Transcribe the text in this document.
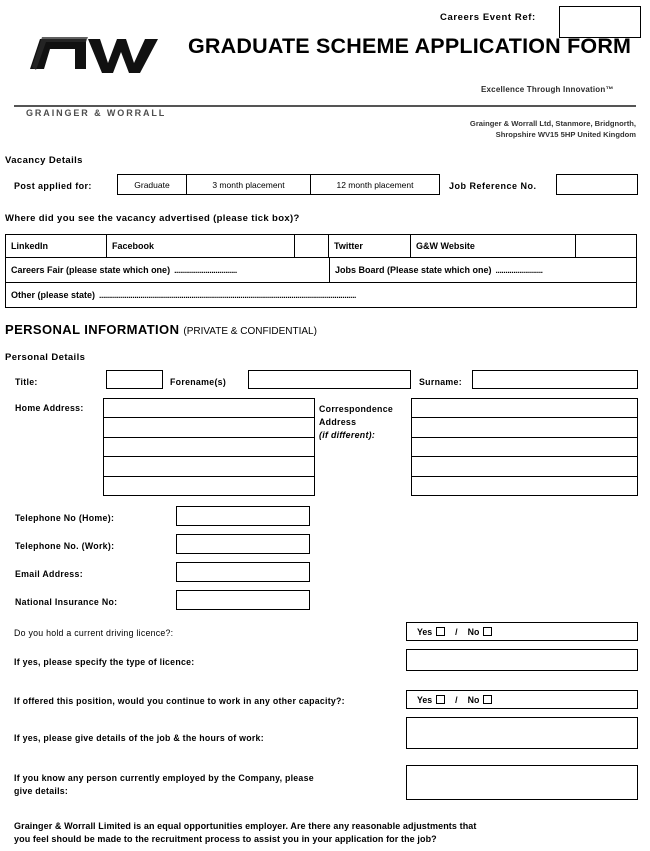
Careers Event Ref:
GRADUATE SCHEME APPLICATION FORM
GRAINGER & WORRALL
Excellence Through Innovation™
Grainger & Worrall Ltd, Stanmore, Bridgnorth,
Shropshire WV15 5HP United Kingdom
Vacancy Details
Post applied for:	Graduate	3 month placement	12 month placement	Job Reference No.
Where did you see the vacancy advertised (please tick box)?
LinkedIn	Facebook	Twitter	G&W Website
Careers Fair (please state which one) ................................	Jobs Board (Please state which one) ........................
Other (please state) ...................................................................................................................................
PERSONAL INFORMATION (PRIVATE & CONFIDENTIAL)
Personal Details
Title:	Forename(s)	Surname:
Home Address:	Correspondence
Address
(if different):
Telephone No (Home):
Telephone No. (Work):
Email Address:
National Insurance No:
Do you hold a current driving licence?:	Yes	/ No
If yes, please specify the type of licence:
If offered this position, would you continue to work in any other capacity?:	Yes	/ No
If yes, please give details of the job & the hours of work:
If you know any person currently employed by the Company, please
give details:
Grainger & Worrall Limited is an equal opportunities employer. Are there any reasonable adjustments that
you feel should be made to the recruitment process to assist you in your application for the job?
